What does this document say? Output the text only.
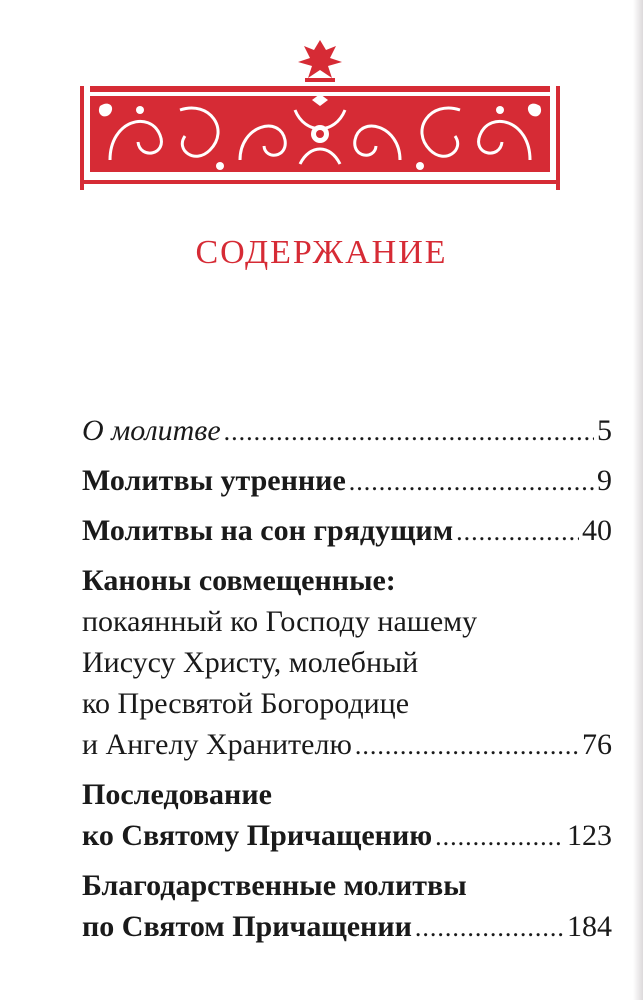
СОДЕРЖАНИЕ
О молитве .....	5
Молитвы утренние .....	9
Молитвы на сон грядущим .....	40
Каноны совмещенные:
покаянный ко Господу нашему
Иисусу Христу, молебный
ко Пресвятой Богородице
и Ангелу Хранителю .....	76
Последование
ко Святому Причащению .....	123
Благодарственные молитвы
по Святом Причащении .....	184
